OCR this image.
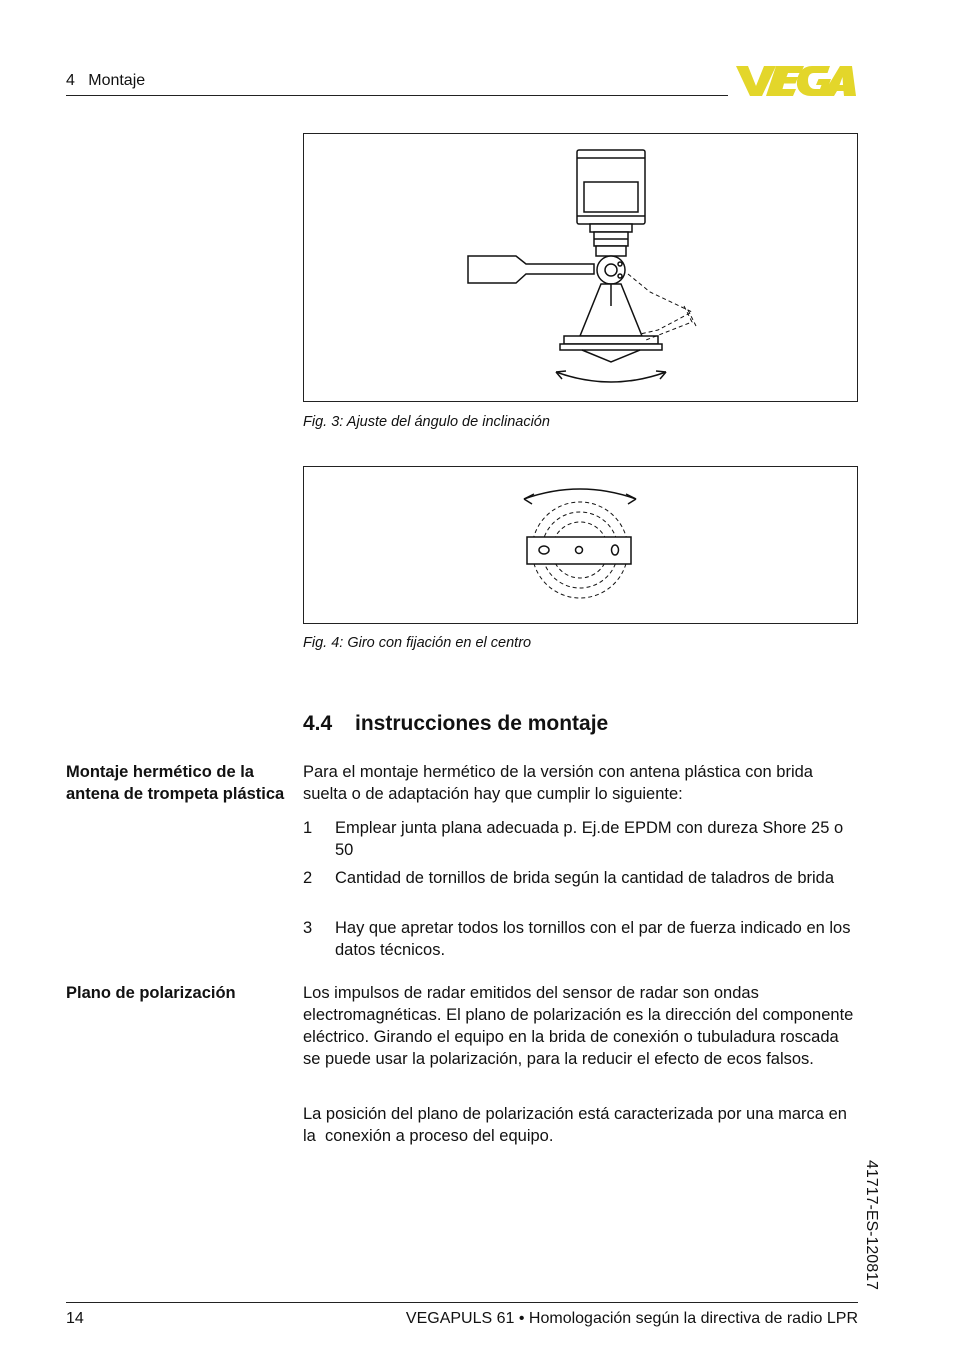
4   Montaje
Fig. 3: Ajuste del ángulo de inclinación
Fig. 4: Giro con fijación en el centro
4.4 instrucciones de montaje
Montaje hermético de la antena de trompeta plástica
Para el montaje hermético de la versión con antena plástica con brida suelta o de adaptación hay que cumplir lo siguiente:
1 Emplear junta plana adecuada p. Ej.de EPDM con dureza Shore 25 o 50
2 Cantidad de tornillos de brida según la cantidad de taladros de brida
3 Hay que apretar todos los tornillos con el par de fuerza indicado en los datos técnicos.
Plano de polarización	Los impulsos de radar emitidos del sensor de radar son ondas electromagnéticas. El plano de polarización es la dirección del componente eléctrico. Girando el equipo en la brida de conexión o tubuladura roscada se puede usar la polarización, para la reducir el efecto de ecos falsos.
La posición del plano de polarización está caracterizada por una marca en la  conexión a proceso del equipo.
41717-ES-120817
14	VEGAPULS 61 • Homologación según la directiva de radio LPR
